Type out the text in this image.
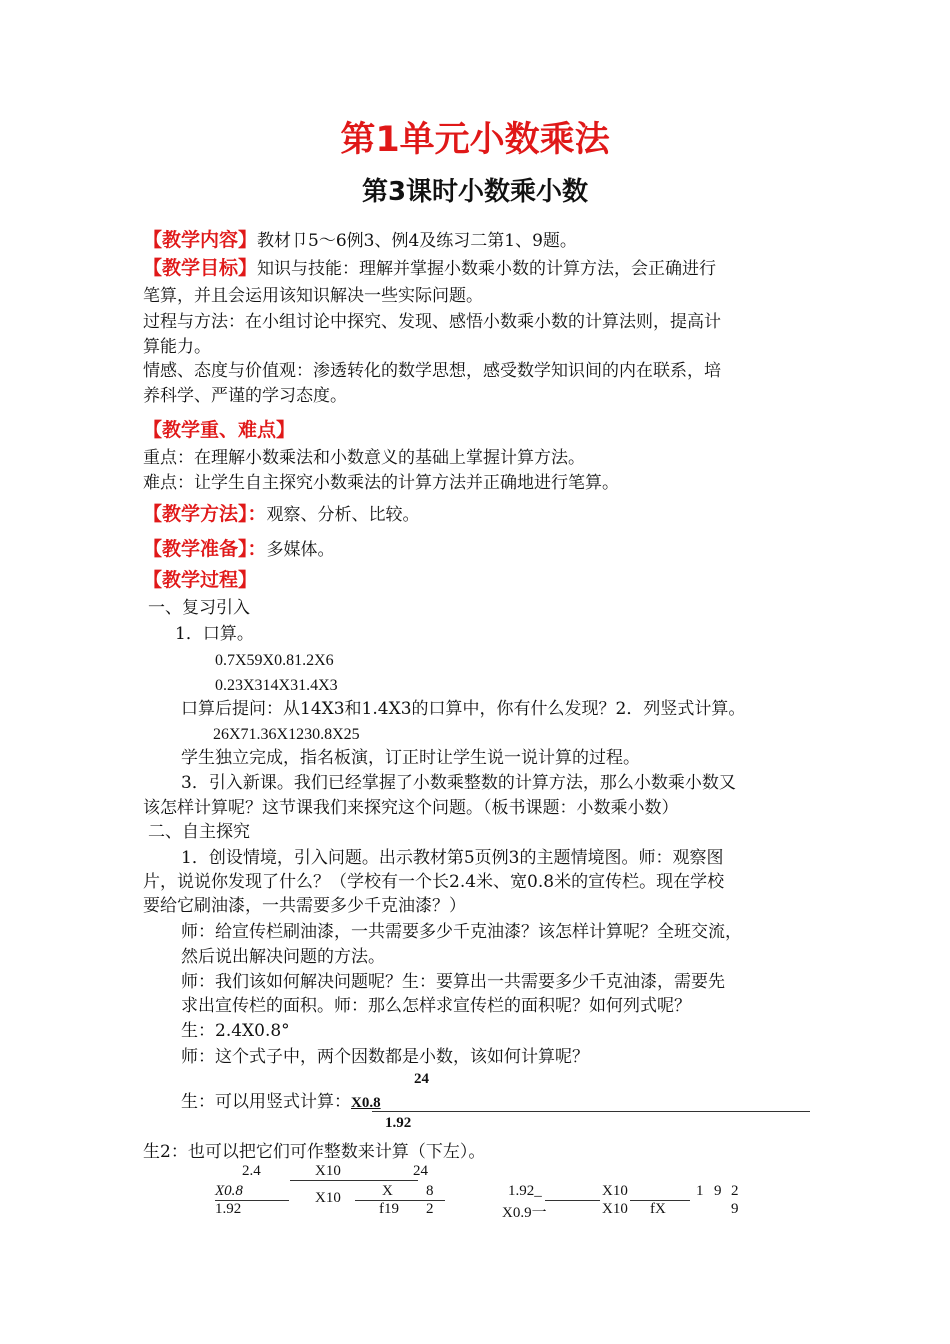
第1单元小数乘法
第3课时小数乘小数
【教学内容】教材卩5〜6例3、例4及练习二第1、9题。
【教学目标】知识与技能：理解并掌握小数乘小数的计算方法，会正确进行
笔算，并且会运用该知识解决一些实际问题。
过程与方法：在小组讨论中探究、发现、感悟小数乘小数的计算法则，提高计
算能力。
情感、态度与价值观：渗透转化的数学思想，感受数学知识间的内在联系，培
养科学、严谨的学习态度。
【教学重、难点】
重点：在理解小数乘法和小数意义的基础上掌握计算方法。
难点：让学生自主探究小数乘法的计算方法并正确地进行笔算。
【教学方法】：观察、分析、比较。
【教学准备】：多媒体。
【教学过程】
一、复习引入
1．口算。
0.7X59X0.81.2X6
0.23X314X31.4X3
口算后提问：从14X3和1.4X3的口算中，你有什么发现？2．列竖式计算。
26X71.36X1230.8X25
学生独立完成，指名板演，订正时让学生说一说计算的过程。
3．引入新课。我们已经掌握了小数乘整数的计算方法，那么小数乘小数又
该怎样计算呢？这节课我们来探究这个问题。（板书课题：小数乘小数）
二、自主探究
1．创设情境，引入问题。出示教材第5页例3的主题情境图。师：观察图
片，说说你发现了什么？（学校有一个长2.4米、宽0.8米的宣传栏。现在学校
要给它刷油漆，一共需要多少千克油漆？）
师：给宣传栏刷油漆，一共需要多少千克油漆？该怎样计算呢？全班交流，
然后说出解决问题的方法。
师：我们该如何解决问题呢？生：要算出一共需要多少千克油漆，需要先
求出宣传栏的面积。师：那么怎样求宣传栏的面积呢？如何列式呢？
生：2.4X0.8°
师：这个式子中，两个因数都是小数，该如何计算呢？
24
生：可以用竖式计算：X0.8
1.92
生2：也可以把它们可作整数来计算（下左）。
2.4	X10	24
X0.8	X10	X 8	1.92_	X10	1 9 2
1.92	f19 2	X0.9一	X10 fX	9
